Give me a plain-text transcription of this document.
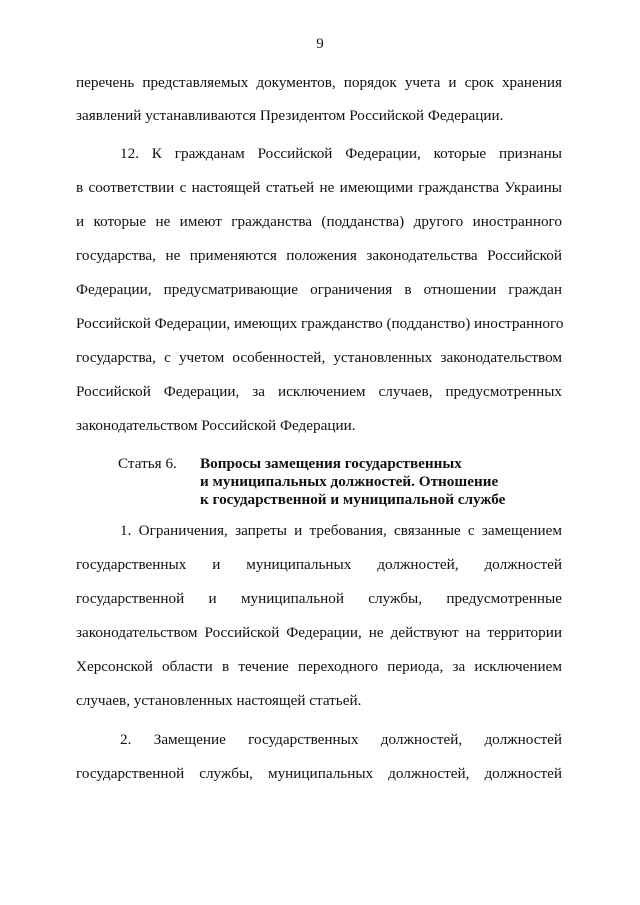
9
перечень представляемых документов, порядок учета и срок хранения
заявлений устанавливаются Президентом Российской Федерации.
12. К гражданам Российской Федерации, которые признаны
в соответствии с настоящей статьей не имеющими гражданства Украины
и которые не имеют гражданства (подданства) другого иностранного
государства, не применяются положения законодательства Российской
Федерации, предусматривающие ограничения в отношении граждан
Российской Федерации, имеющих гражданство (подданство) иностранного
государства, с учетом особенностей, установленных законодательством
Российской Федерации, за исключением случаев, предусмотренных
законодательством Российской Федерации.
Статья 6. Вопросы замещения государственных
и муниципальных должностей. Отношение
к государственной и муниципальной службе
1. Ограничения, запреты и требования, связанные с замещением
государственных и муниципальных должностей, должностей
государственной и муниципальной службы, предусмотренные
законодательством Российской Федерации, не действуют на территории
Херсонской области в течение переходного периода, за исключением
случаев, установленных настоящей статьей.
2. Замещение государственных должностей, должностей
государственной службы, муниципальных должностей, должностей
